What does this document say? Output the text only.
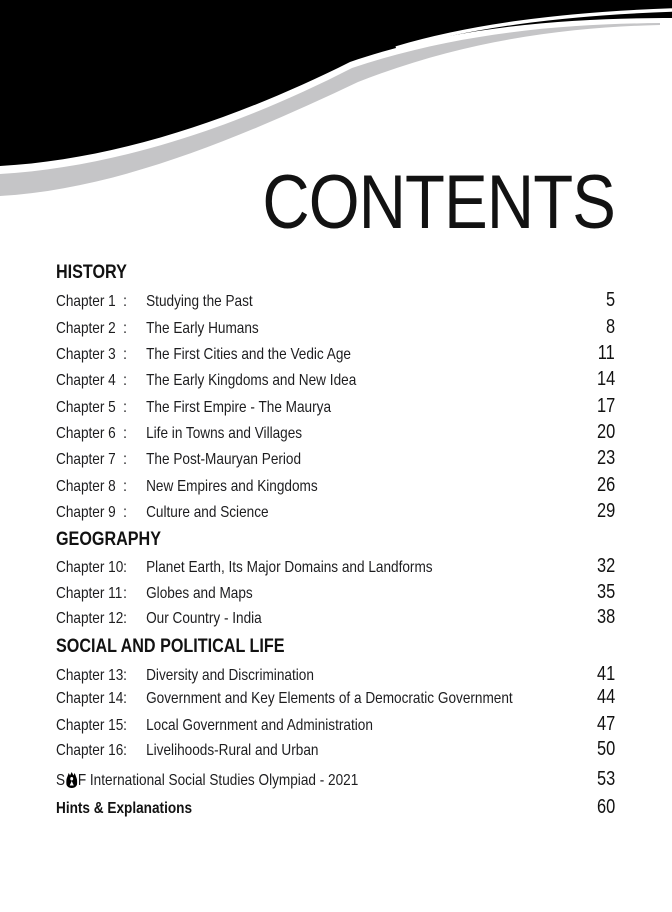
CONTENTS
HISTORY
Chapter 1 : Studying the Past	5
Chapter 2 : The Early Humans	8
Chapter 3 : The First Cities and the Vedic Age	11
Chapter 4 : The Early Kingdoms and New Idea	14
Chapter 5 : The First Empire - The Maurya	17
Chapter 6 : Life in Towns and Villages	20
Chapter 7 : The Post-Mauryan Period	23
Chapter 8 : New Empires and Kingdoms	26
Chapter 9 : Culture and Science	29
GEOGRAPHY
Chapter 10: Planet Earth, Its Major Domains and Landforms	32
Chapter 11: Globes and Maps	35
Chapter 12: Our Country - India	38
SOCIAL AND POLITICAL LIFE
Chapter 13: Diversity and Discrimination	41
Chapter 14: Government and Key Elements of a Democratic Government	44
Chapter 15: Local Government and Administration	47
Chapter 16: Livelihoods-Rural and Urban	50
S F International Social Studies Olympiad - 2021	53
Hints & Explanations	60
